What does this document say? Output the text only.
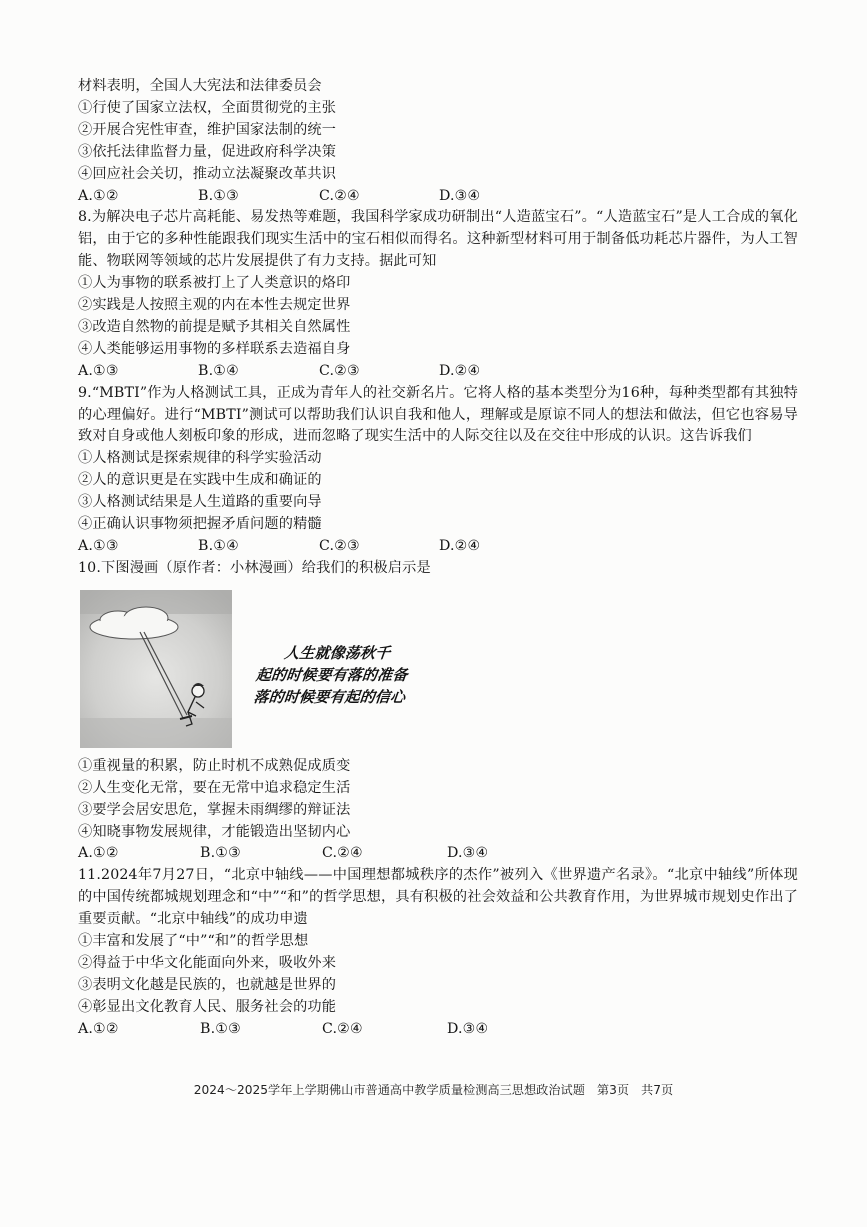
材料表明，全国人大宪法和法律委员会

①行使了国家立法权，全面贯彻党的主张

②开展合宪性审查，维护国家法制的统一

③依托法律监督力量，促进政府科学决策

④回应社会关切，推动立法凝聚改革共识

A.①②	B.①③	C.②④	D.③④

8.为解决电子芯片高耗能、易发热等难题，我国科学家成功研制出“人造蓝宝石”。“人造蓝宝石”是人工合成的氧化铝，由于它的多种性能跟我们现实生活中的宝石相似而得名。这种新型材料可用于制备低功耗芯片器件，为人工智能、物联网等领域的芯片发展提供了有力支持。据此可知

①人为事物的联系被打上了人类意识的烙印

②实践是人按照主观的内在本性去规定世界

③改造自然物的前提是赋予其相关自然属性

④人类能够运用事物的多样联系去造福自身

A.①③	B.①④	C.②③	D.②④

9.“MBTI”作为人格测试工具，正成为青年人的社交新名片。它将人格的基本类型分为16种，每种类型都有其独特的心理偏好。进行“MBTI”测试可以帮助我们认识自我和他人，理解或是原谅不同人的想法和做法，但它也容易导致对自身或他人刻板印象的形成，进而忽略了现实生活中的人际交往以及在交往中形成的认识。这告诉我们

①人格测试是探索规律的科学实验活动

②人的意识更是在实践中生成和确证的

③人格测试结果是人生道路的重要向导

④正确认识事物须把握矛盾问题的精髓

A.①③	B.①④	C.②③	D.②④

10.下图漫画（原作者：小林漫画）给我们的积极启示是

人生就像荡秋千
起的时候要有落的准备
落的时候要有起的信心

①重视量的积累，防止时机不成熟促成质变

②人生变化无常，要在无常中追求稳定生活

③要学会居安思危，掌握未雨绸缪的辩证法

④知晓事物发展规律，才能锻造出坚韧内心

A.①②	B.①③	C.②④	D.③④

11.2024年7月27日，“北京中轴线——中国理想都城秩序的杰作”被列入《世界遗产名录》。“北京中轴线”所体现的中国传统都城规划理念和“中”“和”的哲学思想，具有积极的社会效益和公共教育作用，为世界城市规划史作出了重要贡献。“北京中轴线”的成功申遗

①丰富和发展了“中”“和”的哲学思想

②得益于中华文化能面向外来，吸收外来

③表明文化越是民族的，也就越是世界的

④彰显出文化教育人民、服务社会的功能

A.①②	B.①③	C.②④	D.③④
2024～2025学年上学期佛山市普通高中教学质量检测高三思想政治试题 第3页 共7页
